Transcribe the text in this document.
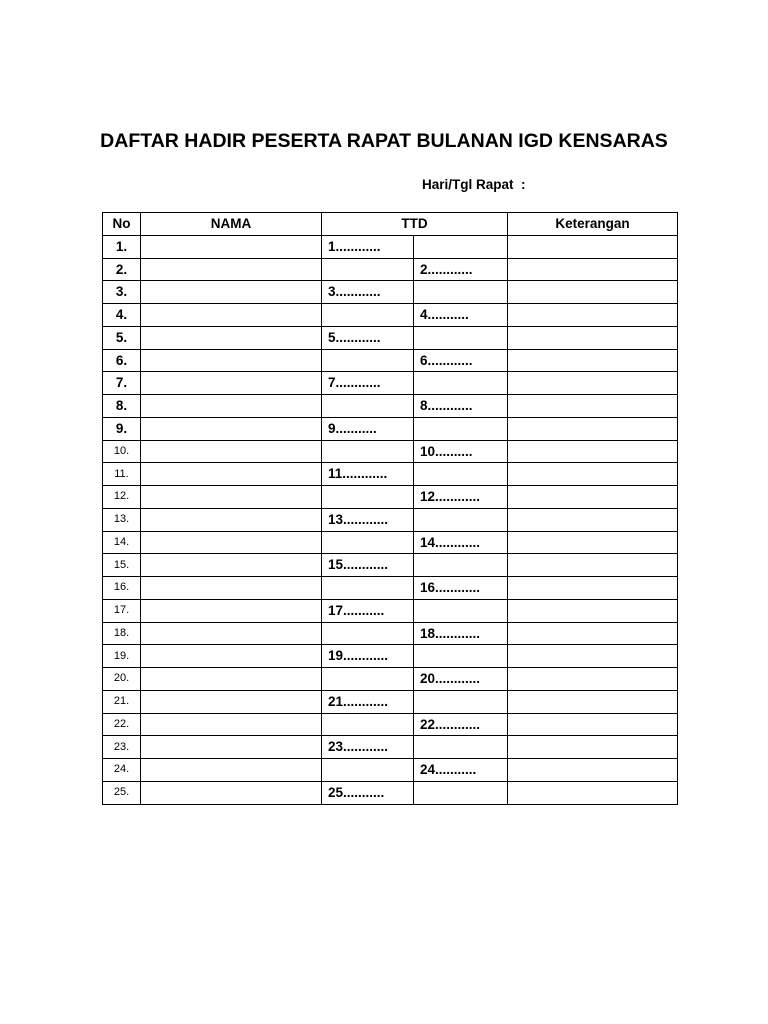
DAFTAR HADIR PESERTA RAPAT BULANAN IGD KENSARAS
Hari/Tgl Rapat  :
No	NAMA	TTD		Keterangan
1.		1............		
2.			2............	
3.		3............		
4.			4...........	
5.		5............		
6.			6............	
7.		7............		
8.			8............	
9.		9...........		
10.			10..........	
11.		11............		
12.			12............	
13.		13............		
14.			14............	
15.		15............		
16.			16............	
17.		17...........		
18.			18............	
19.		19............		
20.			20............	
21.		21............		
22.			22............	
23.		23............		
24.			24...........	
25.		25...........		
